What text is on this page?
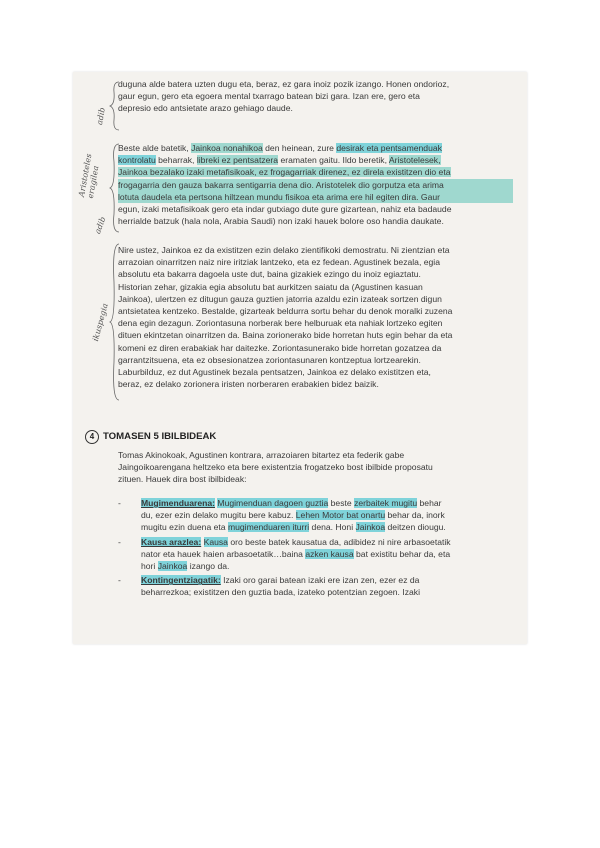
adib
Aristoteles eragilea
adib
ikuspegia
duguna alde batera uzten dugu eta, beraz, ez gara inoiz pozik izango. Honen ondorioz,
gaur egun, gero eta egoera mental txarrago batean bizi gara. Izan ere, gero eta
depresio edo antsietate arazo gehiago daude.
Beste alde batetik, Jainkoa nonahikoa den heinean, zure desirak eta pentsamenduak
kontrolatu beharrak, libreki ez pentsatzera eramaten gaitu. Ildo beretik, Aristotelesek,
Jainkoa bezalako izaki metafisikoak, ez frogagarriak direnez, ez direla existitzen dio eta
frogagarria den gauza bakarra sentigarria dena dio. Aristotelek dio gorputza eta arima
lotuta daudela eta pertsona hiltzean mundu fisikoa eta arima ere hil egiten dira. Gaur
egun, izaki metafisikoak gero eta indar gutxiago dute gure gizartean, nahiz eta badaude
herrialde batzuk (hala nola, Arabia Saudi) non izaki hauek bolore oso handia daukate.
Nire ustez, Jainkoa ez da existitzen ezin delako zientifikoki demostratu. Ni zientzian eta
arrazoian oinarritzen naiz nire iritziak lantzeko, eta ez fedean. Agustinek bezala, egia
absolutu eta bakarra dagoela uste dut, baina gizakiek ezingo du inoiz egiaztatu.
Historian zehar, gizakia egia absolutu bat aurkitzen saiatu da (Agustinen kasuan
Jainkoa), ulertzen ez ditugun gauza guztien jatorria azaldu ezin izateak sortzen digun
antsietatea kentzeko. Bestalde, gizarteak beldurra sortu behar du denok moralki zuzena
dena egin dezagun. Zoriontasuna norberak bere helburuak eta nahiak lortzeko egiten
dituen ekintzetan oinarritzen da. Baina zorionerako bide horretan huts egin behar da eta
komeni ez diren erabakiak har daitezke. Zoriontasunerako bide horretan gozatzea da
garrantzitsuena, eta ez obsesionatzea zoriontasunaren kontzeptua lortzearekin.
Laburbilduz, ez dut Agustinek bezala pentsatzen, Jainkoa ez delako existitzen eta,
beraz, ez delako zorionera iristen norberaren erabakien bidez baizik.
4 TOMASEN 5 IBILBIDEAK
Tomas Akinokoak, Agustinen kontrara, arrazoiaren bitartez eta federik gabe
Jaingoikoarengana heltzeko eta bere existentzia frogatzeko bost ibilbide proposatu
zituen. Hauek dira bost ibilbideak:
- Mugimenduarena: Mugimenduan dagoen guztia beste zerbaitek mugitu behar
du, ezer ezin delako mugitu bere kabuz. Lehen Motor bat onartu behar da, inork
mugitu ezin duena eta mugimenduaren iturri dena. Honi Jainkoa deitzen diougu.
- Kausa arazlea: Kausa oro beste batek kausatua da, adibidez ni nire arbasoetatik
nator eta hauek haien arbasoetatik…baina azken kausa bat existitu behar da, eta
hori Jainkoa izango da.
- Kontingentziagatik: Izaki oro garai batean izaki ere izan zen, ezer ez da
beharrezkoa; existitzen den guztia bada, izateko potentzian zegoen. Izaki
